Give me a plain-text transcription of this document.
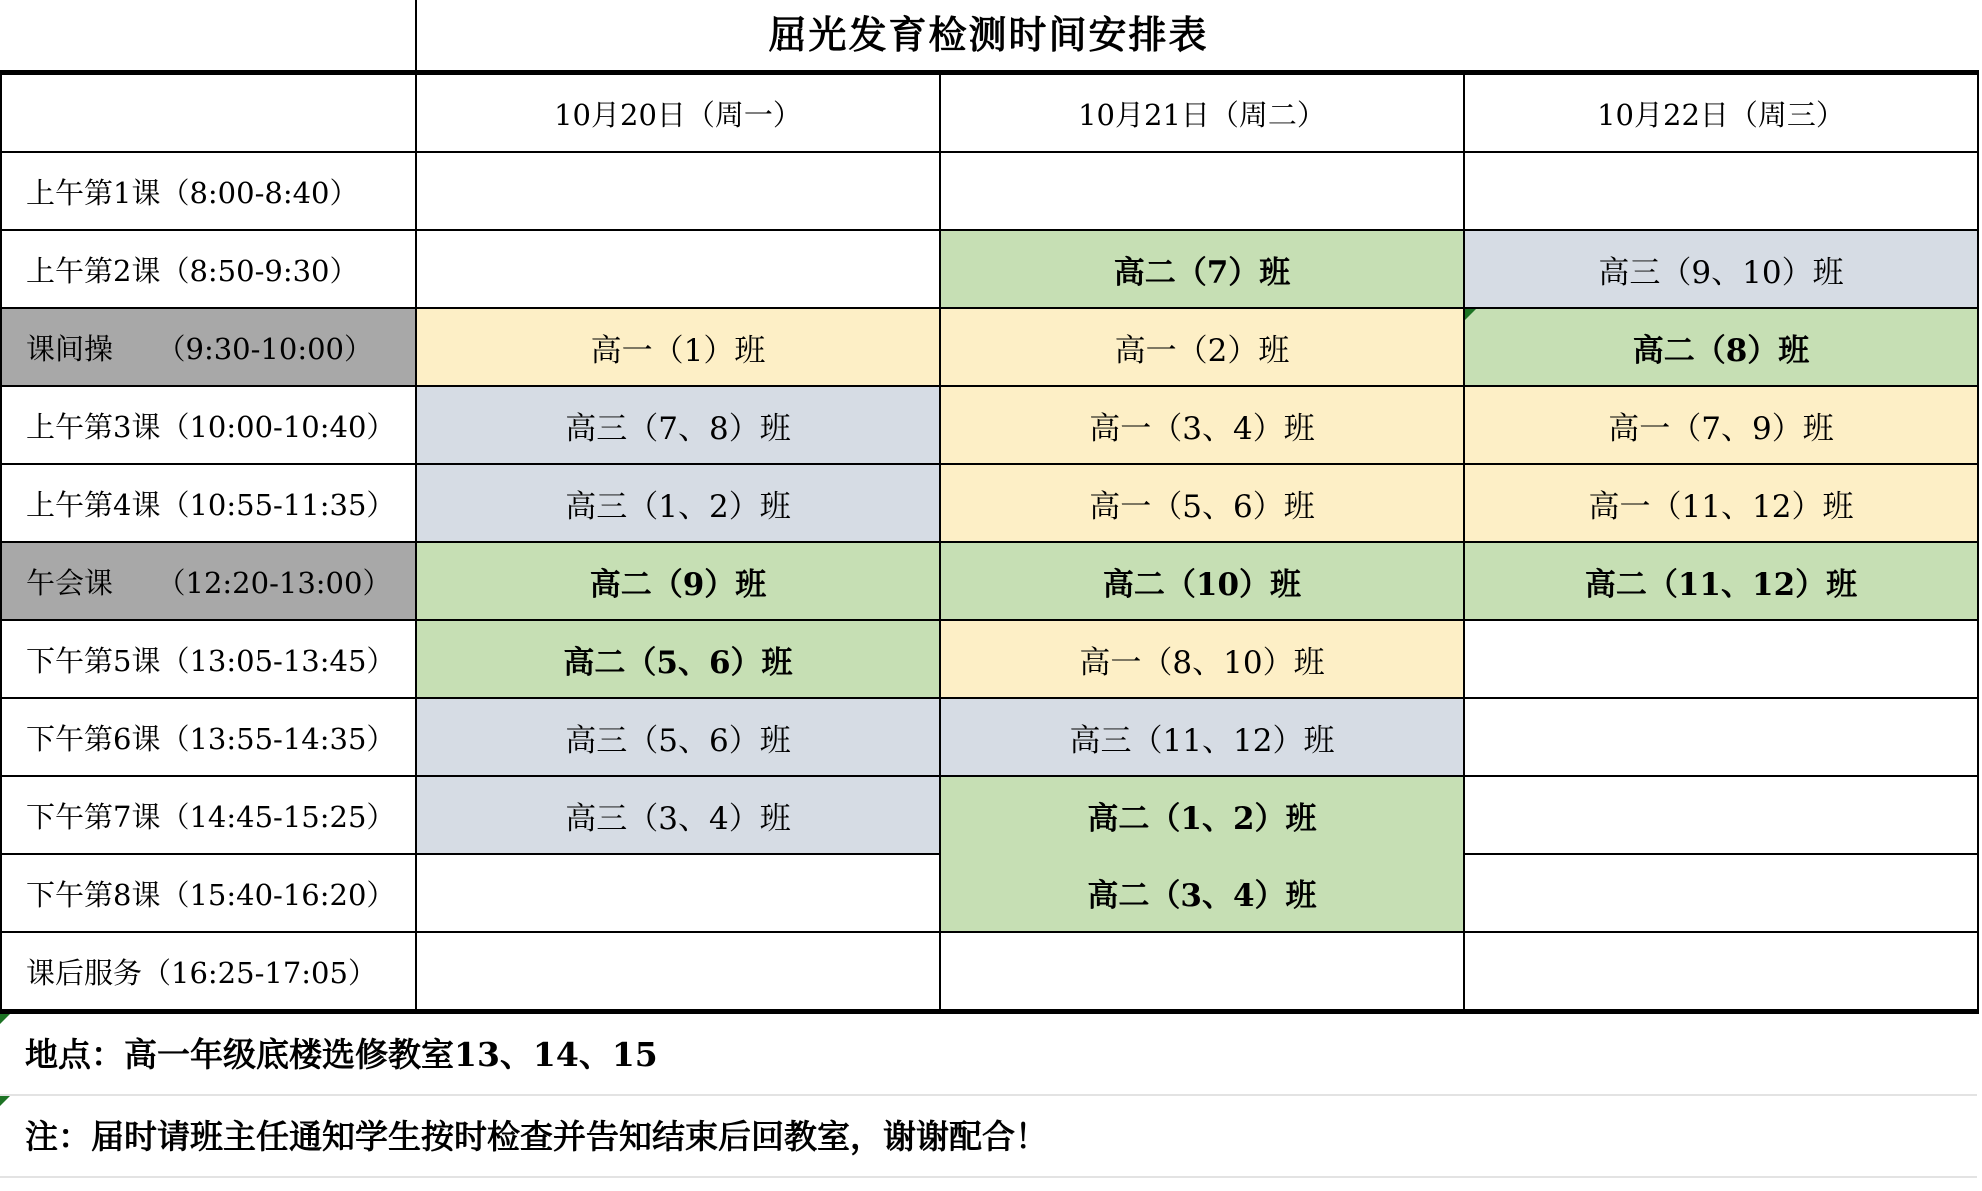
屈光发育检测时间安排表
	10月20日（周一）	10月21日（周二）	10月22日（周三）
上午第1课（8:00-8:40）			
上午第2课（8:50-9:30）		高二（7）班	高三（9、10）班
课间操　　（9:30-10:00）	高一（1）班	高一（2）班	高二（8）班
上午第3课（10:00-10:40）	高三（7、8）班	高一（3、4）班	高一（7、9）班
上午第4课（10:55-11:35）	高三（1、2）班	高一（5、6）班	高一（11、12）班
午会课　　（12:20-13:00）	高二（9）班	高二（10）班	高二（11、12）班
下午第5课（13:05-13:45）	高二（5、6）班	高一（8、10）班	
下午第6课（13:55-14:35）	高三（5、6）班	高三（11、12）班	
下午第7课（14:45-15:25）	高三（3、4）班	高二（1、2）班	
下午第8课（15:40-16:20）		高二（3、4）班	
课后服务（16:25-17:05）			
地点：高一年级底楼选修教室13、14、15
注：届时请班主任通知学生按时检查并告知结束后回教室，谢谢配合！
